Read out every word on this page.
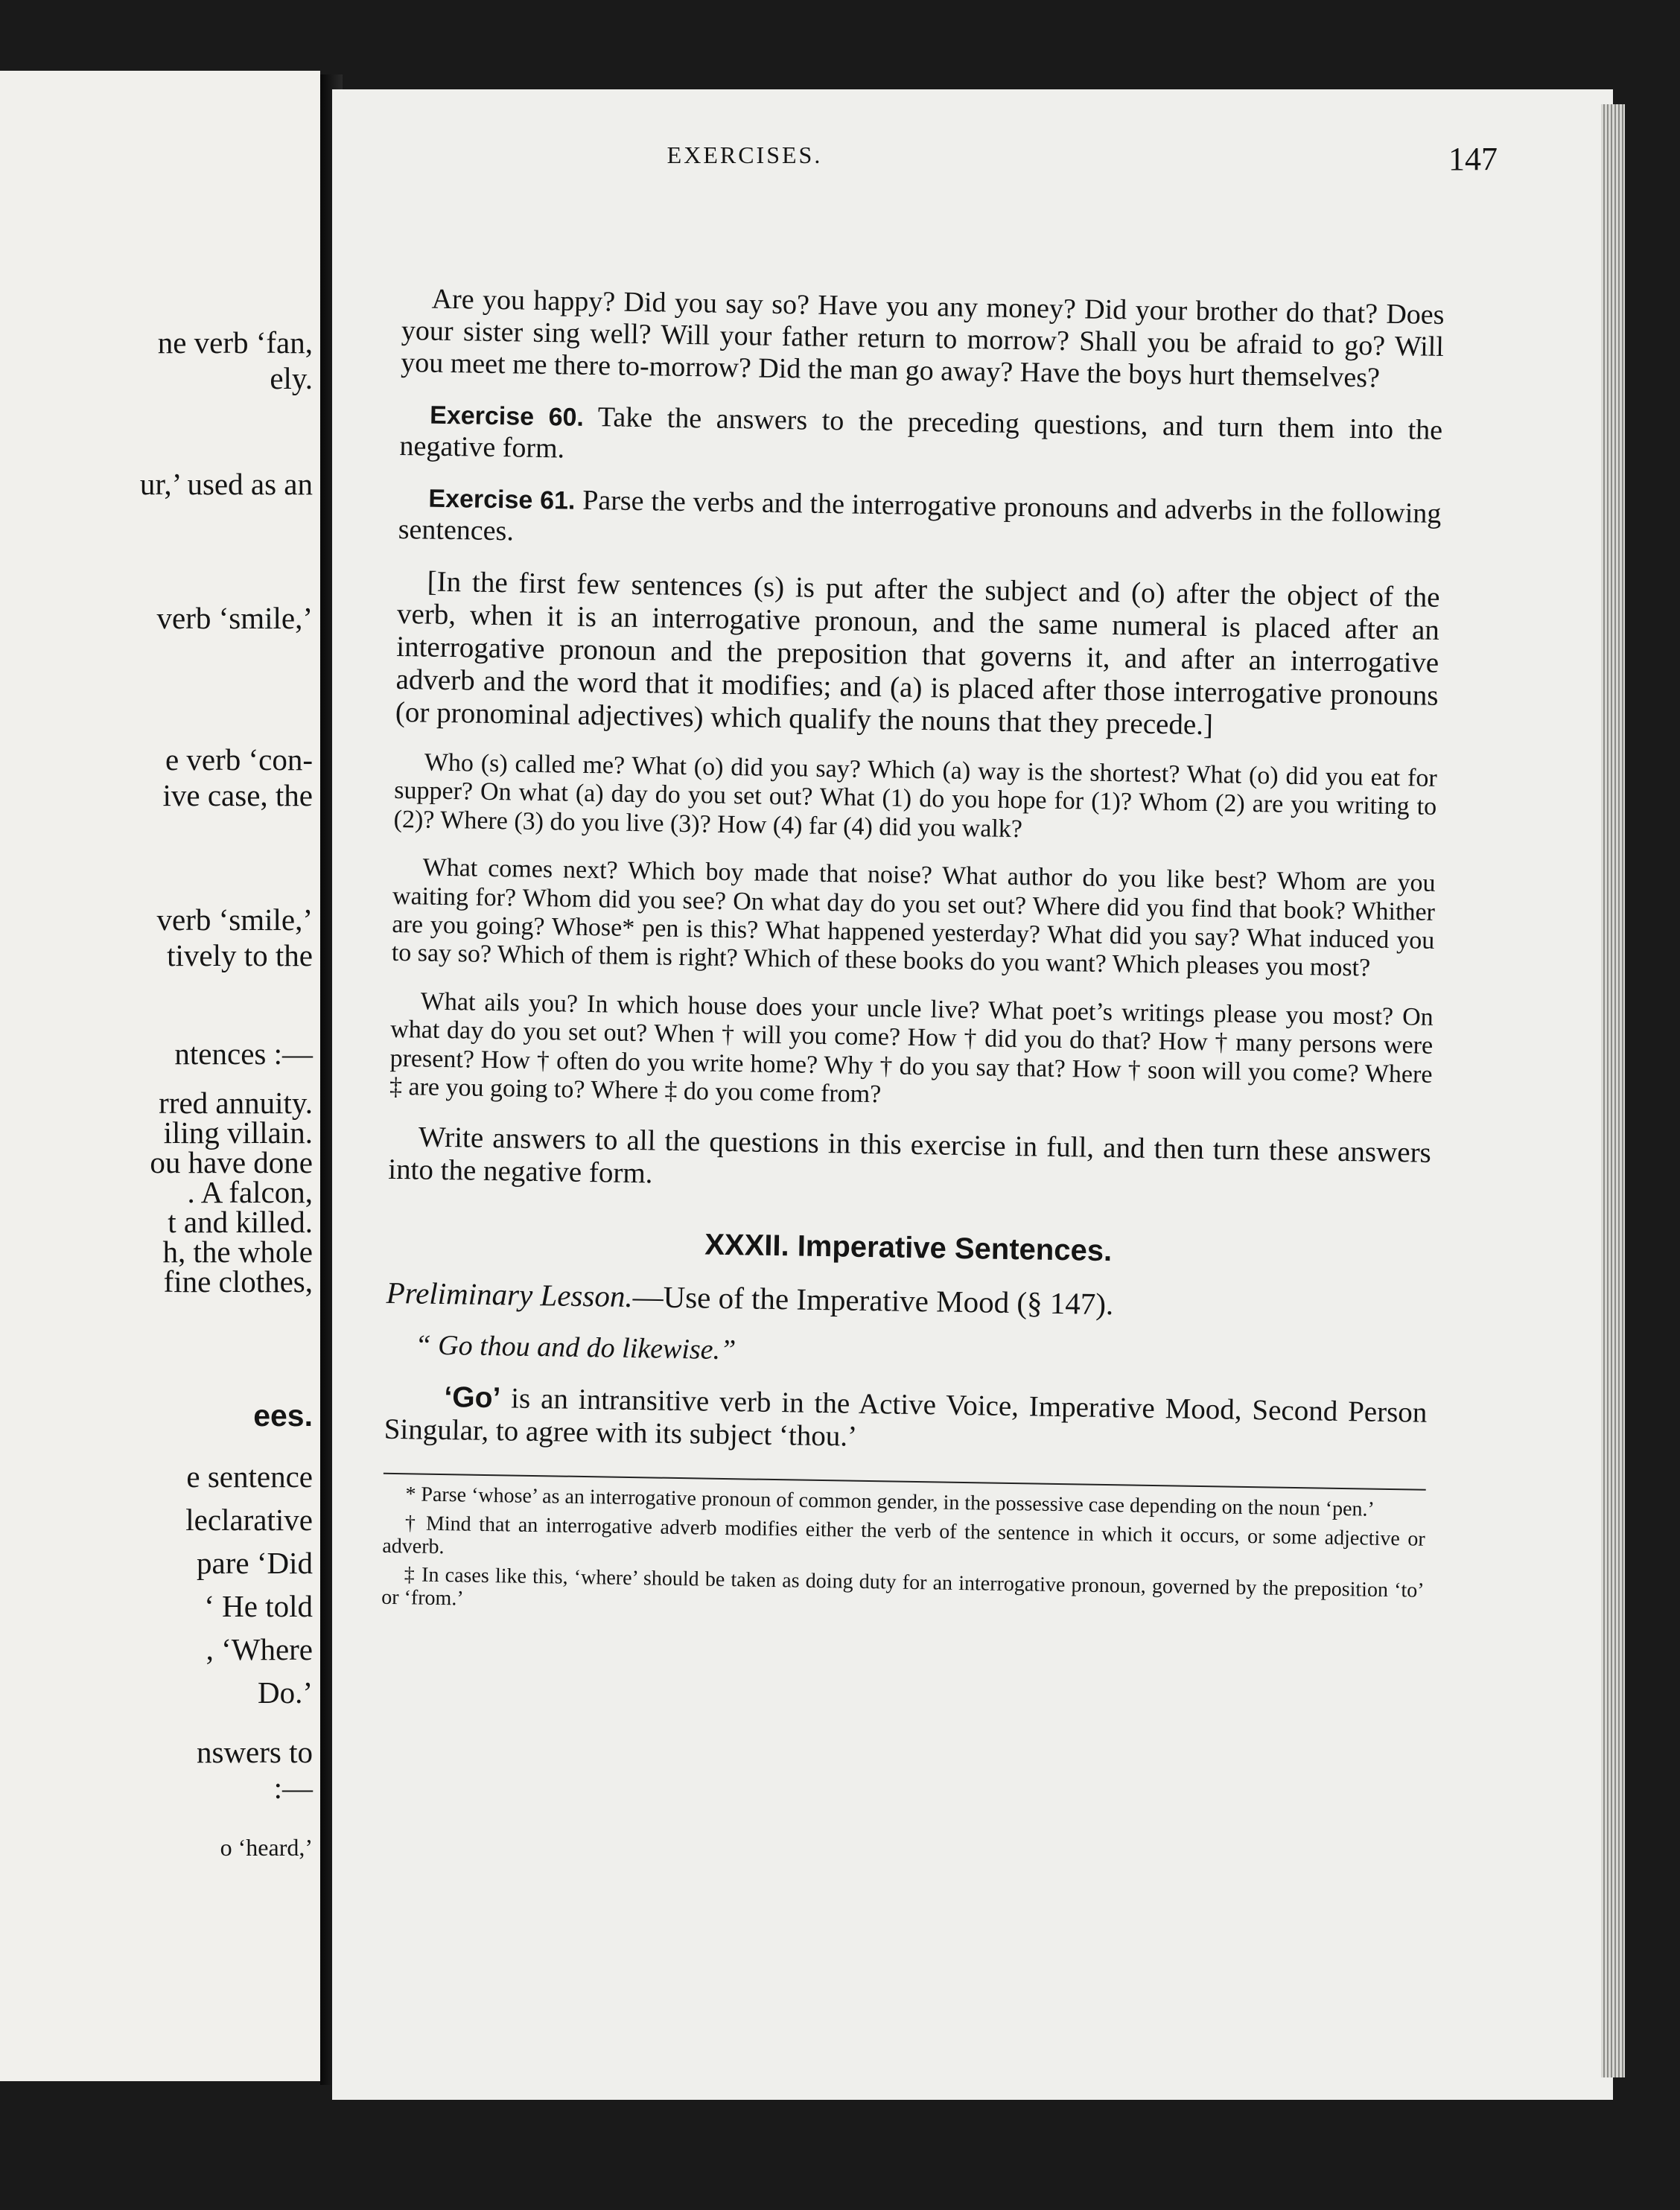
ne verb ‘fan,
ely.
ur,’ used as an
verb ‘smile,’
e verb ‘con-
ive case, the
verb ‘smile,’
tively to the
ntences :—
rred annuity.
iling villain.
ou have done
. A falcon,
t and killed.
h, the whole
fine clothes,
ees.
e sentence
leclarative
pare ‘Did
‘ He told
, ‘Where
Do.’
nswers to
:—
o ‘heard,’
EXERCISES.	147

Are you happy? Did you say so? Have you any money? Did your brother do that? Does your sister sing well? Will your father return to morrow? Shall you be afraid to go? Will you meet me there to-morrow? Did the man go away? Have the boys hurt themselves?

Exercise 60. Take the answers to the preceding questions, and turn them into the negative form.

Exercise 61. Parse the verbs and the interrogative pronouns and adverbs in the following sentences.

[In the first few sentences (s) is put after the subject and (o) after the object of the verb, when it is an interrogative pronoun, and the same numeral is placed after an interrogative pronoun and the preposition that governs it, and after an interrogative adverb and the word that it modifies; and (a) is placed after those interrogative pronouns (or pronominal adjectives) which qualify the nouns that they precede.]

Who (s) called me? What (o) did you say? Which (a) way is the shortest? What (o) did you eat for supper? On what (a) day do you set out? What (1) do you hope for (1)? Whom (2) are you writing to (2)? Where (3) do you live (3)? How (4) far (4) did you walk?

What comes next? Which boy made that noise? What author do you like best? Whom are you waiting for? Whom did you see? On what day do you set out? Where did you find that book? Whither are you going? Whose* pen is this? What happened yesterday? What did you say? What induced you to say so? Which of them is right? Which of these books do you want? Which pleases you most?

What ails you? In which house does your uncle live? What poet’s writings please you most? On what day do you set out? When † will you come? How † did you do that? How † many persons were present? How † often do you write home? Why † do you say that? How † soon will you come? Where ‡ are you going to? Where ‡ do you come from?

Write answers to all the questions in this exercise in full, and then turn these answers into the negative form.

XXXII. Imperative Sentences.

Preliminary Lesson.—Use of the Imperative Mood (§ 147).

“ Go thou and do likewise.”

‘Go’ is an intransitive verb in the Active Voice, Imperative Mood, Second Person Singular, to agree with its subject ‘thou.’

* Parse ‘whose’ as an interrogative pronoun of common gender, in the possessive case depending on the noun ‘pen.’

† Mind that an interrogative adverb modifies either the verb of the sentence in which it occurs, or some adjective or adverb.

‡ In cases like this, ‘where’ should be taken as doing duty for an interrogative pronoun, governed by the preposition ‘to’ or ‘from.’
